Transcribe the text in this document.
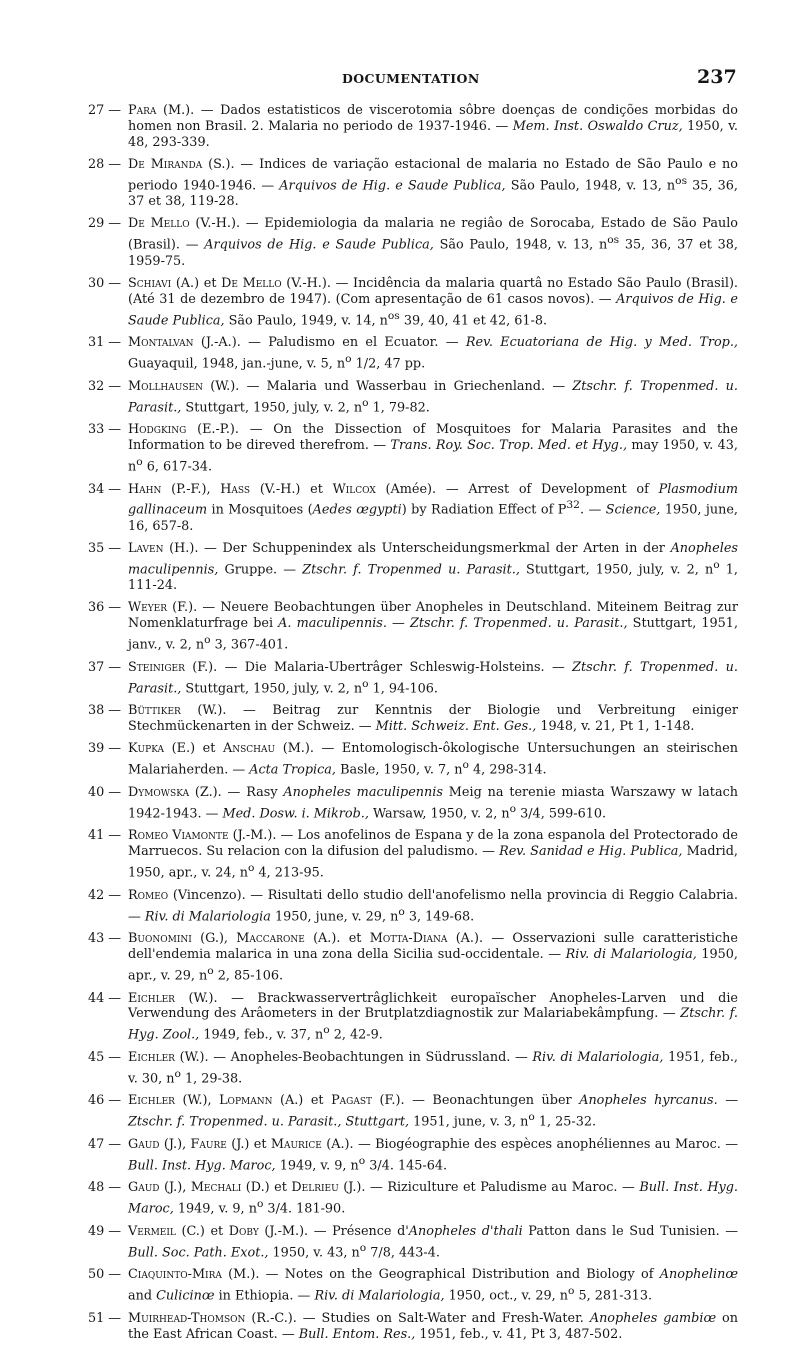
DOCUMENTATION	237
27 — Para (M.). — Dados estatisticos de viscerotomia sôbre doenças de condições morbidas do homen non Brasil. 2. Malaria no periodo de 1937-1946. — Mem. Inst. Oswaldo Cruz, 1950, v. 48, 293-339.
28 — De Miranda (S.). — Indices de variação estacional de malaria no Estado de São Paulo e no periodo 1940-1946. — Arquivos de Hig. e Saude Publica, São Paulo, 1948, v. 13, $n^{os}$ 35, 36, 37 et 38, 119-28.
29 — De Mello (V.-H.). — Epidemiologia da malaria ne regiâo de Sorocaba, Estado de São Paulo (Brasil). — Arquivos de Hig. e Saude Publica, São Paulo, 1948, v. 13, $n^{os}$ 35, 36, 37 et 38, 1959-75.
30 — Schiavi (A.) et De Mello (V.-H.). — Incidência da malaria quartâ no Estado São Paulo (Brasil). (Até 31 de dezembro de 1947). (Com apresentação de 61 casos novos). — Arquivos de Hig. e Saude Publica, São Paulo, 1949, v. 14, $n^{os}$ 39, 40, 41 et 42, 61-8.
31 — Montalvan (J.-A.). — Paludismo en el Ecuator. — Rev. Ecuatoriana de Hig. y Med. Trop., Guayaquil, 1948, jan.-june, v. 5, $n^o$ 1/2, 47 pp.
32 — Mollhausen (W.). — Malaria und Wasserbau in Griechenland. — Ztschr. f. Tropenmed. u. Parasit., Stuttgart, 1950, july, v. 2, $n^o$ 1, 79-82.
33 — Hodgking (E.-P.). — On the Dissection of Mosquitoes for Malaria Parasites and the Information to be direved therefrom. — Trans. Roy. Soc. Trop. Med. et Hyg., may 1950, v. 43, $n^o$ 6, 617-34.
34 — Hahn (P.-F.), Hass (V.-H.) et Wilcox (Amée). — Arrest of Development of Plasmodium gallinaceum in Mosquitoes (Aedes œgypti) by Radiation Effect of $P^{32}$. — Science, 1950, june, 16, 657-8.
35 — Laven (H.). — Der Schuppenindex als Unterscheidungsmerkmal der Arten in der Anopheles maculipennis, Gruppe. — Ztschr. f. Tropenmed u. Parasit., Stuttgart, 1950, july, v. 2, $n^o$ 1, 111-24.
36 — Weyer (F.). — Neuere Beobachtungen über Anopheles in Deutschland. Miteinem Beitrag zur Nomenklaturfrage bei A. maculipennis. — Ztschr. f. Tropenmed. u. Parasit., Stuttgart, 1951, janv., v. 2, $n^o$ 3, 367-401.
37 — Steiniger (F.). — Die Malaria-Ubertrâger Schleswig-Holsteins. — Ztschr. f. Tropenmed. u. Parasit., Stuttgart, 1950, july, v. 2, $n^o$ 1, 94-106.
38 — Büttiker (W.). — Beitrag zur Kenntnis der Biologie und Verbreitung einiger Stechmückenarten in der Schweiz. — Mitt. Schweiz. Ent. Ges., 1948, v. 21, Pt 1, 1-148.
39 — Kupka (E.) et Anschau (M.). — Entomologisch-ôkologische Untersuchungen an steirischen Malariaherden. — Acta Tropica, Basle, 1950, v. 7, $n^o$ 4, 298-314.
40 — Dymowska (Z.). — Rasy Anopheles maculipennis Meig na terenie miasta Warszawy w latach 1942-1943. — Med. Dosw. i. Mikrob., Warsaw, 1950, v. 2, $n^o$ 3/4, 599-610.
41 — Romeo Viamonte (J.-M.). — Los anofelinos de Espana y de la zona espanola del Protectorado de Marruecos. Su relacion con la difusion del paludismo. — Rev. Sanidad e Hig. Publica, Madrid, 1950, apr., v. 24, $n^o$ 4, 213-95.
42 — Romeo (Vincenzo). — Risultati dello studio dell'anofelismo nella provincia di Reggio Calabria. — Riv. di Malariologia 1950, june, v. 29, $n^o$ 3, 149-68.
43 — Buonomini (G.), Maccarone (A.). et Motta-Diana (A.). — Osservazioni sulle caratteristiche dell'endemia malarica in una zona della Sicilia sud-occidentale. — Riv. di Malariologia, 1950, apr., v. 29, $n^o$ 2, 85-106.
44 — Eichler (W.). — Brackwasservertrâglichkeit europaïscher Anopheles-Larven und die Verwendung des Arâometers in der Brutplatzdiagnostik zur Malariabekâmpfung. — Ztschr. f. Hyg. Zool., 1949, feb., v. 37, $n^o$ 2, 42-9.
45 — Eichler (W.). — Anopheles-Beobachtungen in Südrussland. — Riv. di Malariologia, 1951, feb., v. 30, $n^o$ 1, 29-38.
46 — Eichler (W.), Lopmann (A.) et Pagast (F.). — Beonachtungen über Anopheles hyrcanus. — Ztschr. f. Tropenmed. u. Parasit., Stuttgart, 1951, june, v. 3, $n^o$ 1, 25-32.
47 — Gaud (J.), Faure (J.) et Maurice (A.). — Biogéographie des espèces anophéliennes au Maroc. — Bull. Inst. Hyg. Maroc, 1949, v. 9, $n^o$ 3/4. 145-64.
48 — Gaud (J.), Mechali (D.) et Delrieu (J.). — Riziculture et Paludisme au Maroc. — Bull. Inst. Hyg. Maroc, 1949, v. 9, $n^o$ 3/4. 181-90.
49 — Vermeil (C.) et Doby (J.-M.). — Présence d'Anopheles d'thali Patton dans le Sud Tunisien. — Bull. Soc. Path. Exot., 1950, v. 43, $n^o$ 7/8, 443-4.
50 — Ciaquinto-Mira (M.). — Notes on the Geographical Distribution and Biology of Anophelinœ and Culicinœ in Ethiopia. — Riv. di Malariologia, 1950, oct., v. 29, $n^o$ 5, 281-313.
51 — Muirhead-Thomson (R.-C.). — Studies on Salt-Water and Fresh-Water. Anopheles gambiœ on the East African Coast. — Bull. Entom. Res., 1951, feb., v. 41, Pt 3, 487-502.
